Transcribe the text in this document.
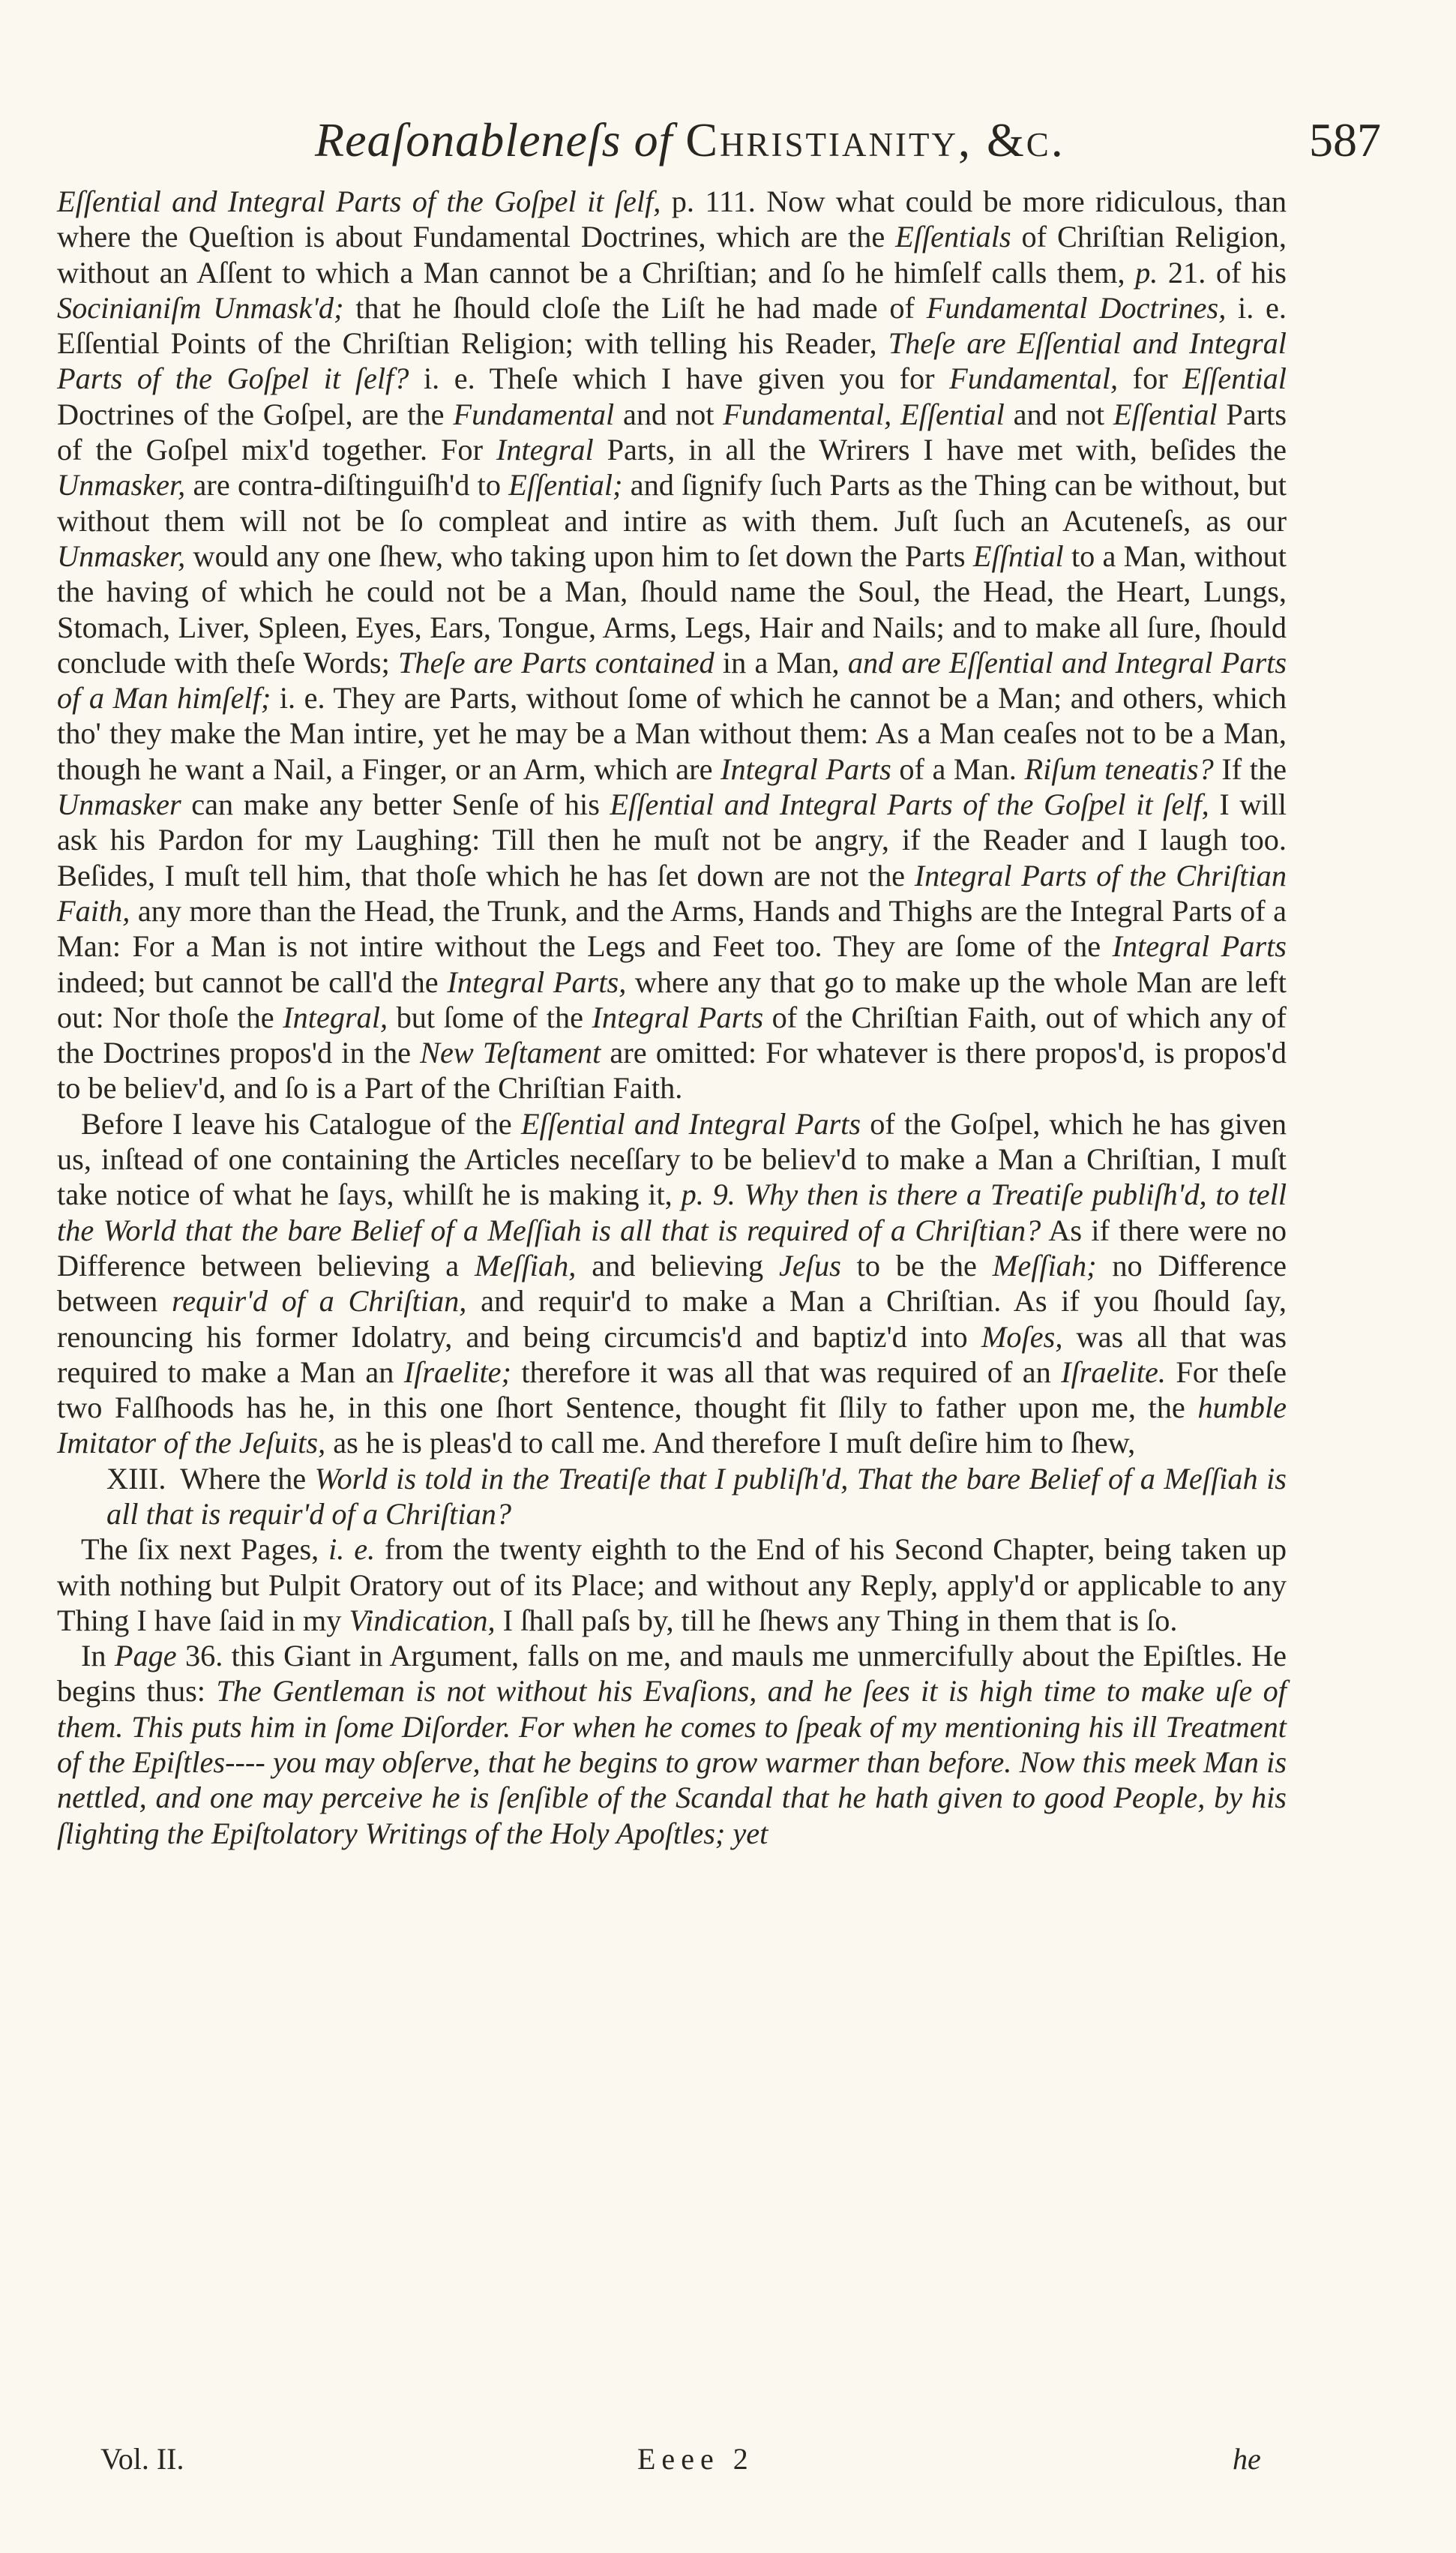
Reaſonableneſs of Christianity, &c.	587

Eſſential and Integral Parts of the Goſpel it ſelf, p. 111. Now what could be more ridiculous, than where the Queſtion is about Fundamental Doctrines, which are the Eſſentials of Chriſtian Religion, without an Aſſent to which a Man cannot be a Chriſtian; and ſo he himſelf calls them, p. 21. of his Socinianiſm Unmask'd; that he ſhould cloſe the Liſt he had made of Fundamental Doctrines, i. e. Eſſential Points of the Chriſtian Religion; with telling his Reader, Theſe are Eſſential and Integral Parts of the Goſpel it ſelf? i. e. Theſe which I have given you for Fundamental, for Eſſential Doctrines of the Goſpel, are the Fundamental and not Fundamental, Eſſential and not Eſſential Parts of the Goſpel mix'd together. For Integral Parts, in all the Wrirers I have met with, beſides the Unmasker, are contra-diſtinguiſh'd to Eſſential; and ſignify ſuch Parts as the Thing can be without, but without them will not be ſo compleat and intire as with them. Juſt ſuch an Acuteneſs, as our Unmasker, would any one ſhew, who taking upon him to ſet down the Parts Eſſntial to a Man, without the having of which he could not be a Man, ſhould name the Soul, the Head, the Heart, Lungs, Stomach, Liver, Spleen, Eyes, Ears, Tongue, Arms, Legs, Hair and Nails; and to make all ſure, ſhould conclude with theſe Words; Theſe are Parts contained in a Man, and are Eſſential and Integral Parts of a Man himſelf; i. e. They are Parts, without ſome of which he cannot be a Man; and others, which tho' they make the Man intire, yet he may be a Man without them: As a Man ceaſes not to be a Man, though he want a Nail, a Finger, or an Arm, which are Integral Parts of a Man. Riſum teneatis? If the Unmasker can make any better Senſe of his Eſſential and Integral Parts of the Goſpel it ſelf, I will ask his Pardon for my Laughing: Till then he muſt not be angry, if the Reader and I laugh too. Beſides, I muſt tell him, that thoſe which he has ſet down are not the Integral Parts of the Chriſtian Faith, any more than the Head, the Trunk, and the Arms, Hands and Thighs are the Integral Parts of a Man: For a Man is not intire without the Legs and Feet too. They are ſome of the Integral Parts indeed; but cannot be call'd the Integral Parts, where any that go to make up the whole Man are left out: Nor thoſe the Integral, but ſome of the Integral Parts of the Chriſtian Faith, out of which any of the Doctrines propos'd in the New Teſtament are omitted: For whatever is there propos'd, is propos'd to be believ'd, and ſo is a Part of the Chriſtian Faith.

Before I leave his Catalogue of the Eſſential and Integral Parts of the Goſpel, which he has given us, inſtead of one containing the Articles neceſſary to be believ'd to make a Man a Chriſtian, I muſt take notice of what he ſays, whilſt he is making it, p. 9. Why then is there a Treatiſe publiſh'd, to tell the World that the bare Belief of a Meſſiah is all that is required of a Chriſtian? As if there were no Difference between believing a Meſſiah, and believing Jeſus to be the Meſſiah; no Difference between requir'd of a Chriſtian, and requir'd to make a Man a Chriſtian. As if you ſhould ſay, renouncing his former Idolatry, and being circumcis'd and baptiz'd into Moſes, was all that was required to make a Man an Iſraelite; therefore it was all that was required of an Iſraelite. For theſe two Falſhoods has he, in this one ſhort Sentence, thought fit ſlily to father upon me, the humble Imitator of the Jeſuits, as he is pleas'd to call me. And therefore I muſt deſire him to ſhew,

XIII. Where the World is told in the Treatiſe that I publiſh'd, That the bare Belief of a Meſſiah is all that is requir'd of a Chriſtian?

The ſix next Pages, i. e. from the twenty eighth to the End of his Second Chapter, being taken up with nothing but Pulpit Oratory out of its Place; and without any Reply, apply'd or applicable to any Thing I have ſaid in my Vindication, I ſhall paſs by, till he ſhews any Thing in them that is ſo.

In Page 36. this Giant in Argument, falls on me, and mauls me unmercifully about the Epiſtles. He begins thus: The Gentleman is not without his Evaſions, and he ſees it is high time to make uſe of them. This puts him in ſome Diſorder. For when he comes to ſpeak of my mentioning his ill Treatment of the Epiſtles---- you may obſerve, that he begins to grow warmer than before. Now this meek Man is nettled, and one may perceive he is ſenſible of the Scandal that he hath given to good People, by his ſlighting the Epiſtolatory Writings of the Holy Apoſtles; yet

Vol. II.	Eeee 2	he
